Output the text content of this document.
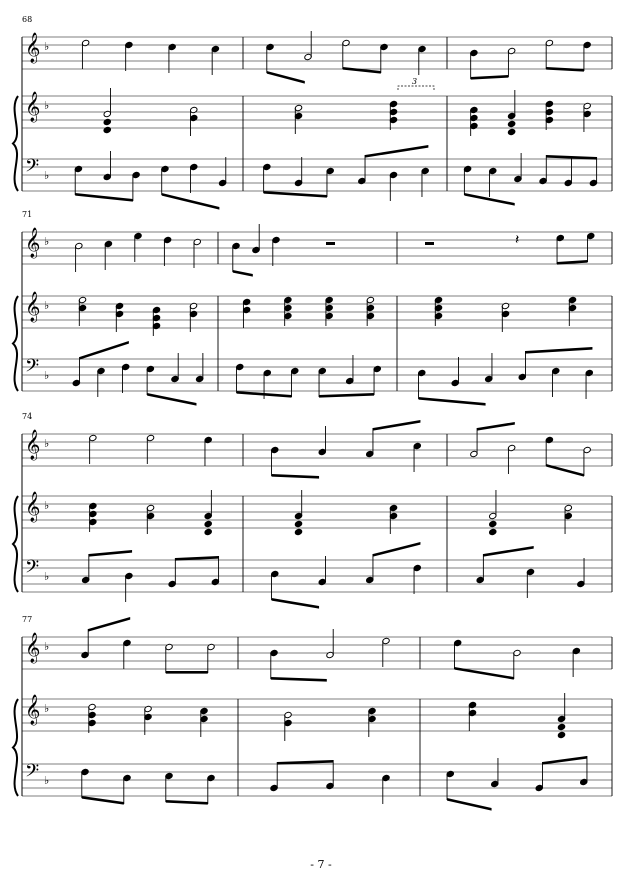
𝄞 ♭
𝄞 ♭
𝄢 ♭
𝄞 ♭
𝄞 ♭
𝄢 ♭
𝄽
𝄞 ♭
𝄞 ♭
𝄢 ♭
𝄞 ♭
𝄞 ♭
𝄢 ♭
3
68
71
74
77
- 7 -
